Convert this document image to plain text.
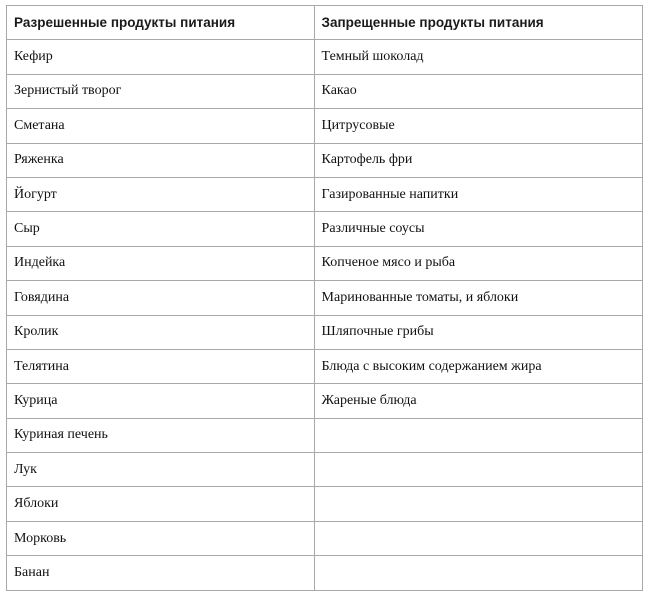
Разрешенные продукты питания	Запрещенные продукты питания
Кефир	Темный шоколад
Зернистый творог	Какао
Сметана	Цитрусовые
Ряженка	Картофель фри
Йогурт	Газированные напитки
Сыр	Различные соусы
Индейка	Копченое мясо и рыба
Говядина	Маринованные томаты, и яблоки
Кролик	Шляпочные грибы
Телятина	Блюда с высоким содержанием жира
Курица	Жареные блюда
Куриная печень	
Лук	
Яблоки	
Морковь	
Банан	
